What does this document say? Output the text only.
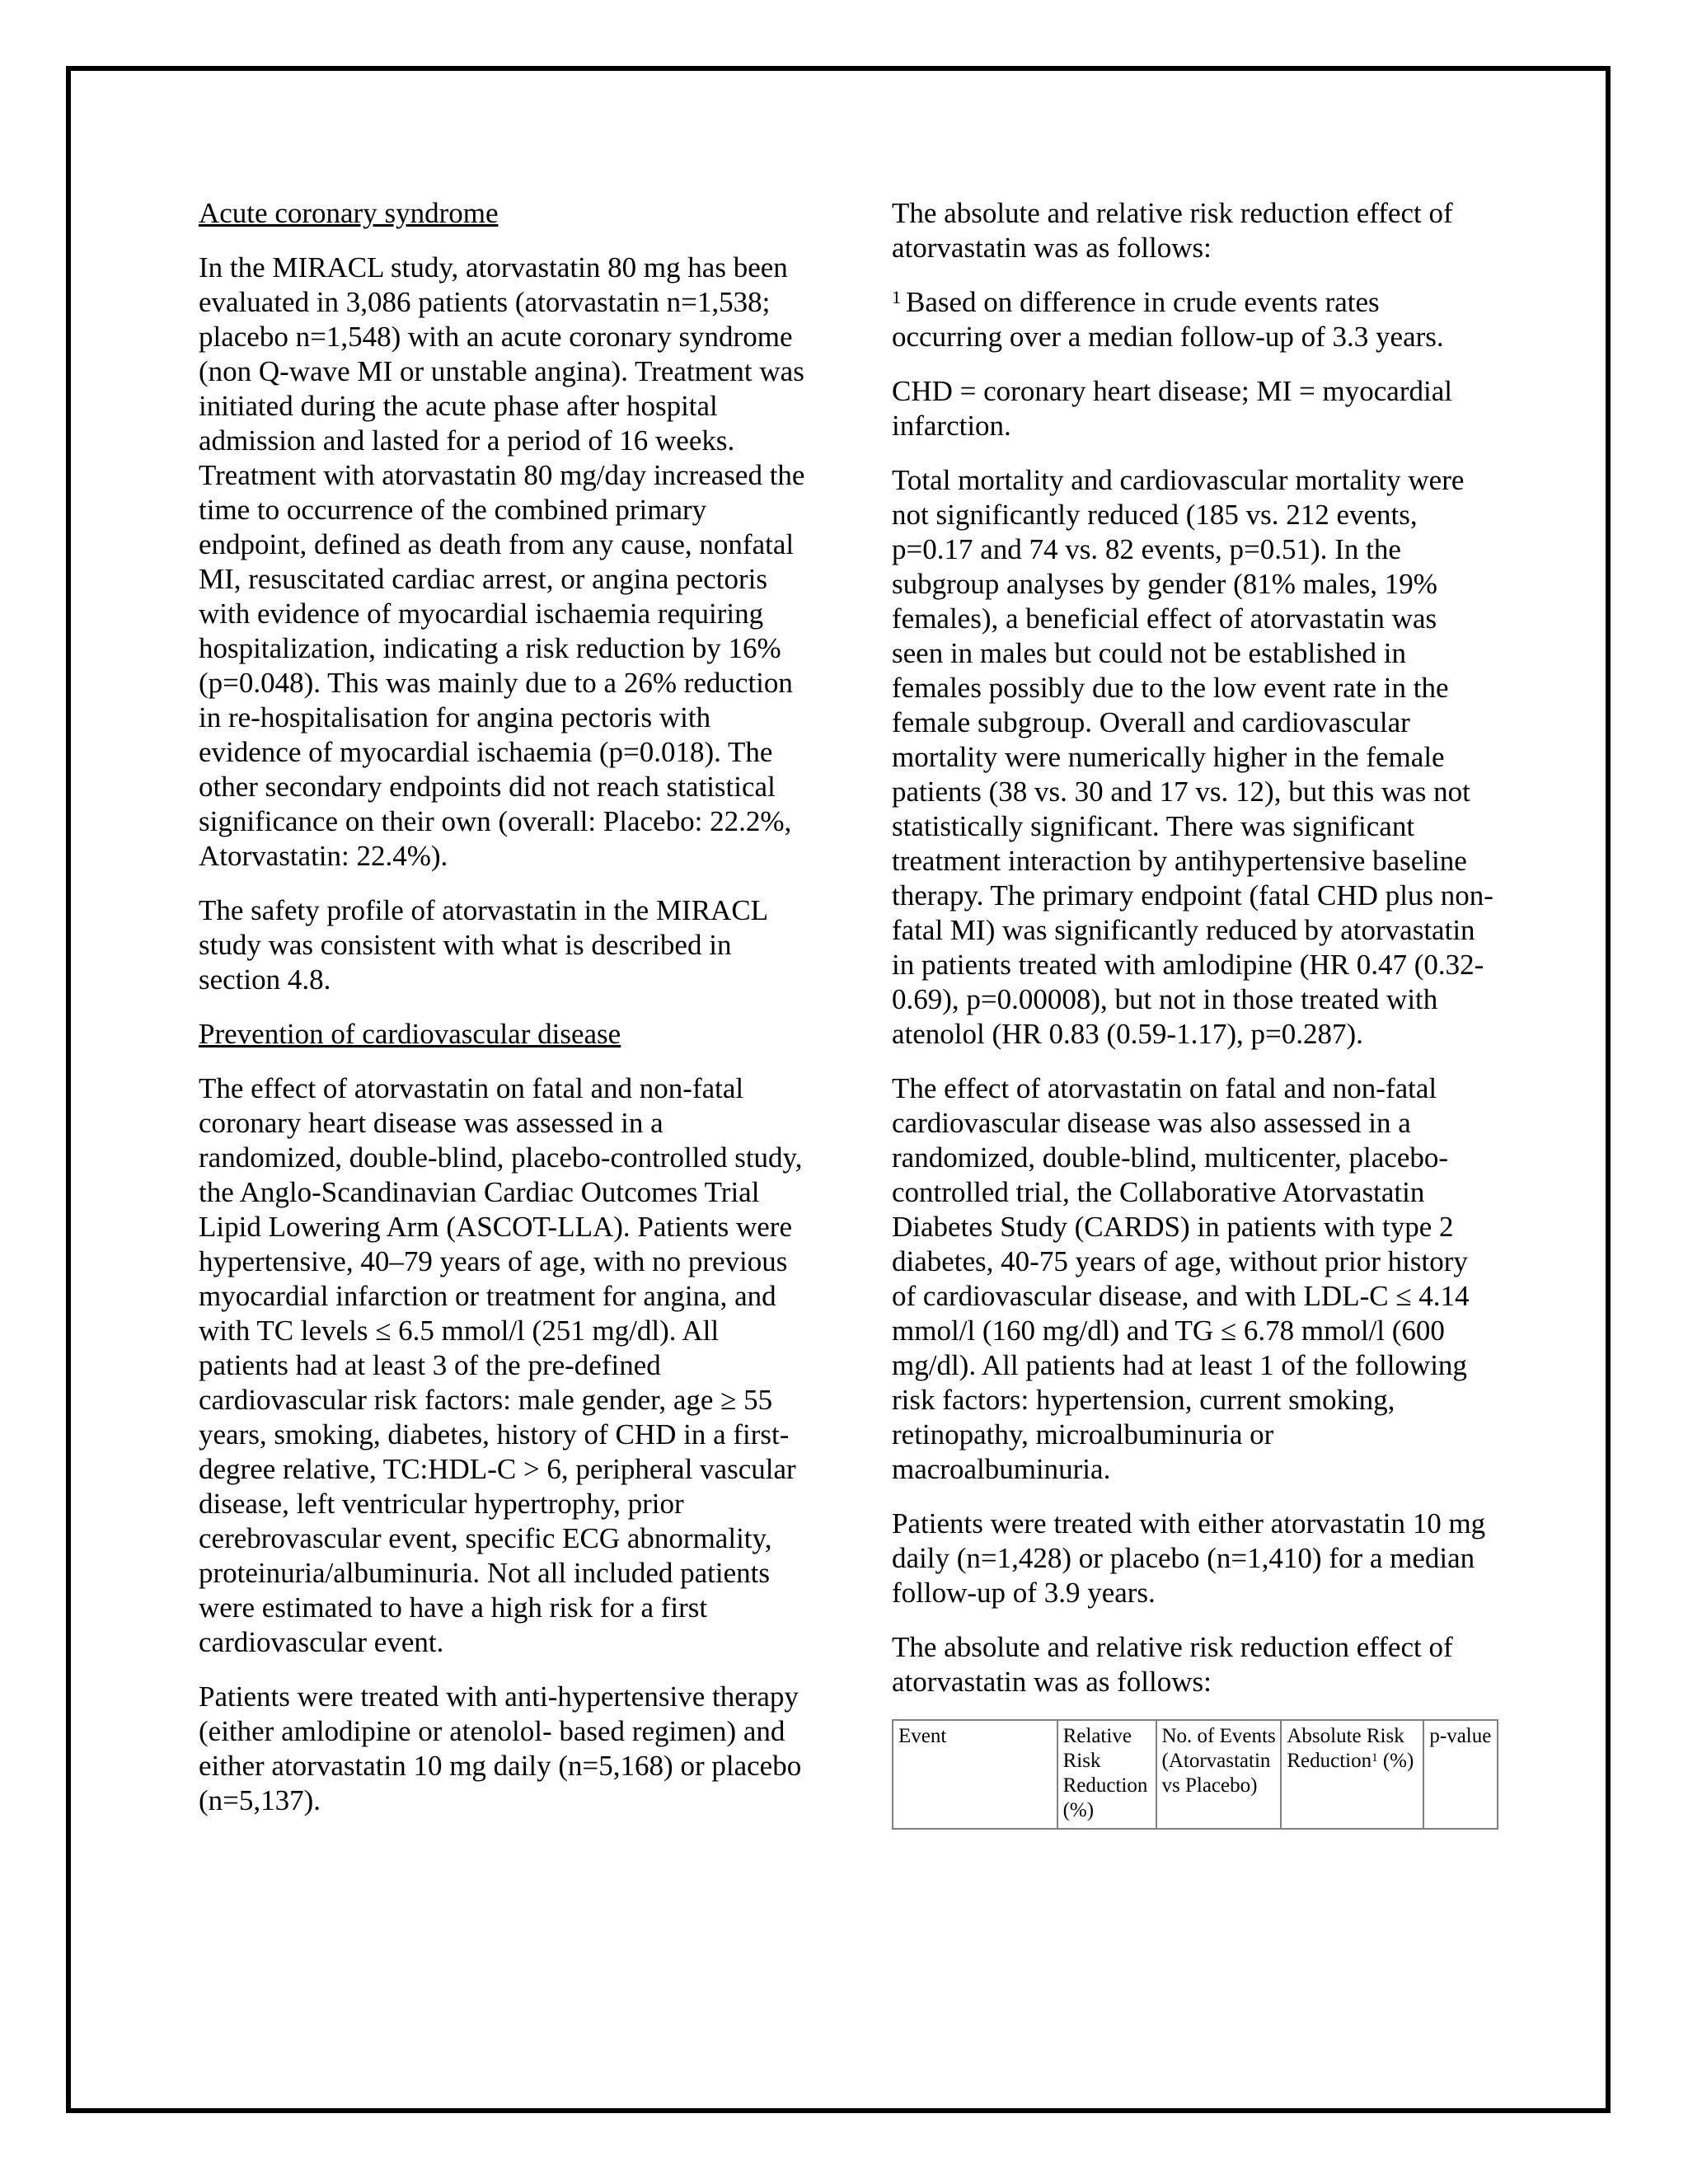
Acute coronary syndrome

In the MIRACL study, atorvastatin 80 mg has been evaluated in 3,086 patients (atorvastatin n=1,538; placebo n=1,548) with an acute coronary syndrome (non Q-wave MI or unstable angina). Treatment was initiated during the acute phase after hospital admission and lasted for a period of 16 weeks. Treatment with atorvastatin 80 mg/day increased the time to occurrence of the combined primary endpoint, defined as death from any cause, nonfatal MI, resuscitated cardiac arrest, or angina pectoris with evidence of myocardial ischaemia requiring hospitalization, indicating a risk reduction by 16% (p=0.048). This was mainly due to a 26% reduction in re-hospitalisation for angina pectoris with evidence of myocardial ischaemia (p=0.018). The other secondary endpoints did not reach statistical significance on their own (overall: Placebo: 22.2%, Atorvastatin: 22.4%).

The safety profile of atorvastatin in the MIRACL study was consistent with what is described in section 4.8.

Prevention of cardiovascular disease

The effect of atorvastatin on fatal and non-fatal coronary heart disease was assessed in a randomized, double-blind, placebo-controlled study, the Anglo-Scandinavian Cardiac Outcomes Trial Lipid Lowering Arm (ASCOT-LLA). Patients were hypertensive, 40–79 years of age, with no previous myocardial infarction or treatment for angina, and with TC levels ≤ 6.5 mmol/l (251 mg/dl). All patients had at least 3 of the pre-defined cardiovascular risk factors: male gender, age ≥ 55 years, smoking, diabetes, history of CHD in a first-degree relative, TC:HDL-C > 6, peripheral vascular disease, left ventricular hypertrophy, prior cerebrovascular event, specific ECG abnormality, proteinuria/albuminuria. Not all included patients were estimated to have a high risk for a first cardiovascular event.

Patients were treated with anti-hypertensive therapy (either amlodipine or atenolol- based regimen) and either atorvastatin 10 mg daily (n=5,168) or placebo (n=5,137).

The absolute and relative risk reduction effect of atorvastatin was as follows:

$^1$ Based on difference in crude events rates occurring over a median follow-up of 3.3 years.

CHD = coronary heart disease; MI = myocardial infarction.

Total mortality and cardiovascular mortality were not significantly reduced (185 vs. 212 events, p=0.17 and 74 vs. 82 events, p=0.51). In the subgroup analyses by gender (81% males, 19% females), a beneficial effect of atorvastatin was seen in males but could not be established in females possibly due to the low event rate in the female subgroup. Overall and cardiovascular mortality were numerically higher in the female patients (38 vs. 30 and 17 vs. 12), but this was not statistically significant. There was significant treatment interaction by antihypertensive baseline therapy. The primary endpoint (fatal CHD plus non-fatal MI) was significantly reduced by atorvastatin in patients treated with amlodipine (HR 0.47 (0.32-0.69), p=0.00008), but not in those treated with atenolol (HR 0.83 (0.59-1.17), p=0.287).

The effect of atorvastatin on fatal and non-fatal cardiovascular disease was also assessed in a randomized, double-blind, multicenter, placebo-controlled trial, the Collaborative Atorvastatin Diabetes Study (CARDS) in patients with type 2 diabetes, 40-75 years of age, without prior history of cardiovascular disease, and with LDL-C ≤ 4.14 mmol/l (160 mg/dl) and TG ≤ 6.78 mmol/l (600 mg/dl). All patients had at least 1 of the following risk factors: hypertension, current smoking, retinopathy, microalbuminuria or macroalbuminuria.

Patients were treated with either atorvastatin 10 mg daily (n=1,428) or placebo (n=1,410) for a median follow-up of 3.9 years.

The absolute and relative risk reduction effect of atorvastatin was as follows:

Event	Relative Risk Reduction (%)	No. of Events (Atorvastatin vs Placebo)	Absolute Risk Reduction$^1$ (%)	p-value
